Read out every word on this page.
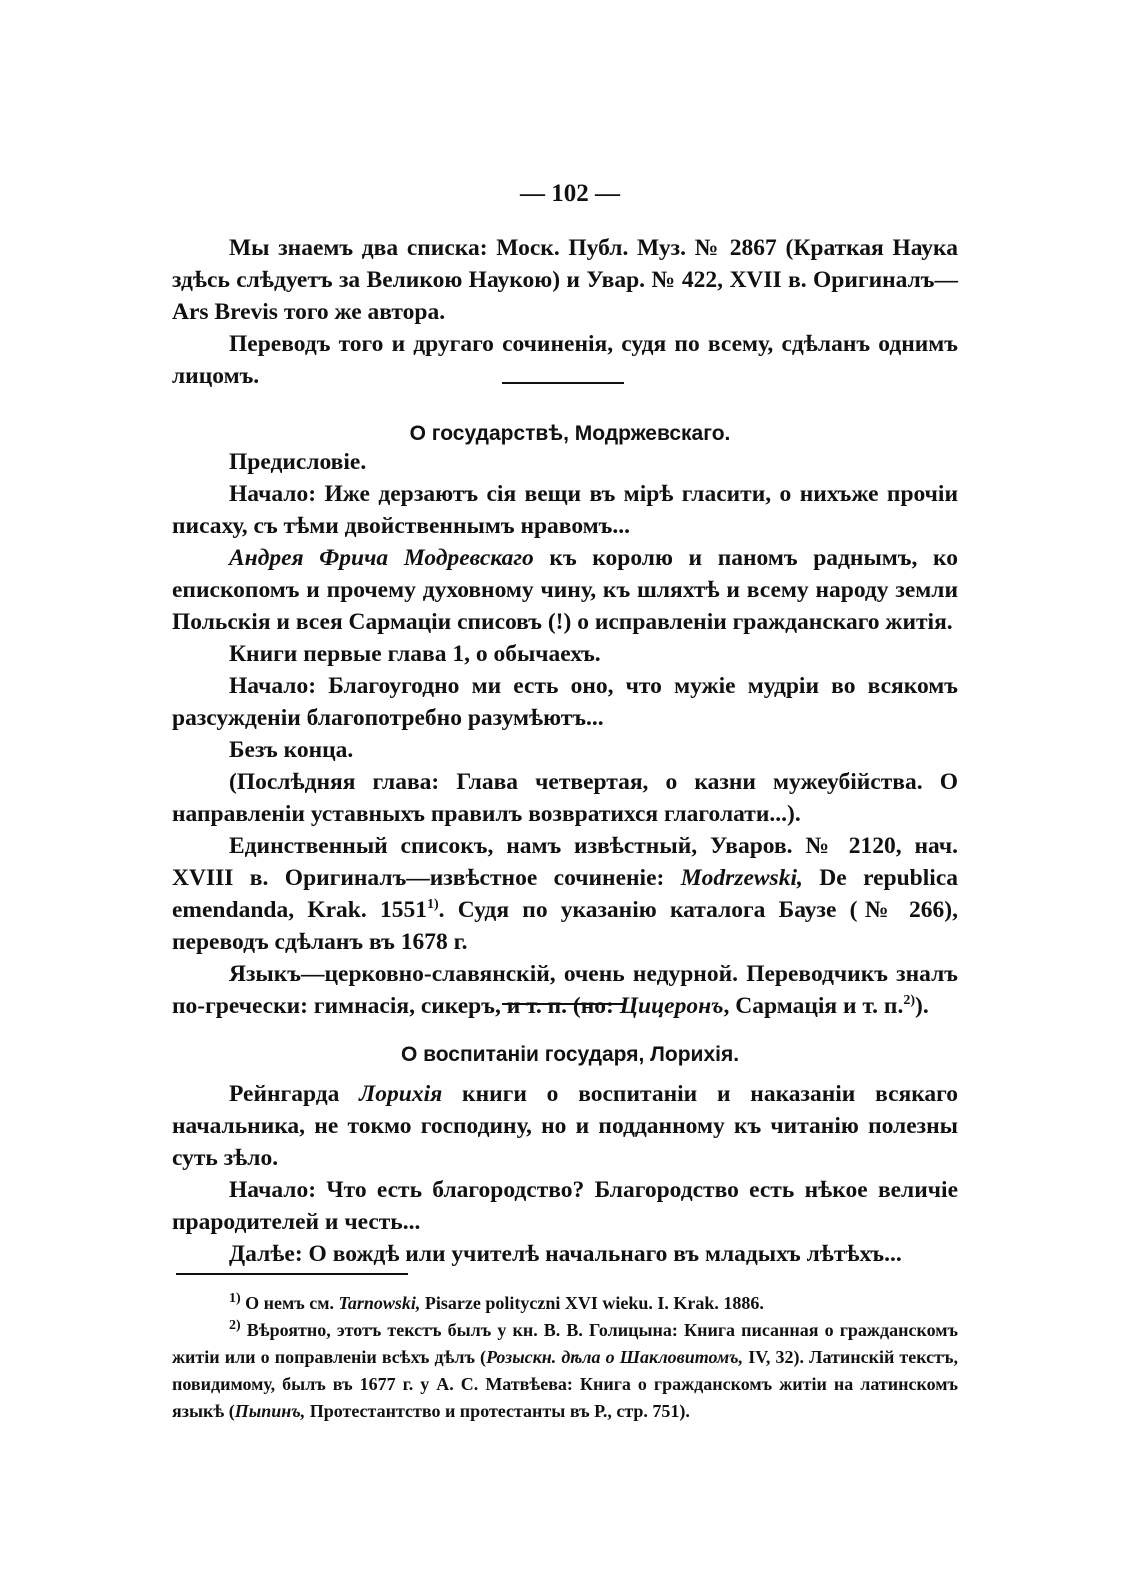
— 102 —

Мы знаемъ два списка: Моск. Публ. Муз. № 2867 (Краткая Наука здѣсь слѣдуетъ за Великою Наукою) и Увар. № 422, XVII в. Оригиналъ— Ars Brevis того же автора.

Переводъ того и другаго сочиненія, судя по всему, сдѣланъ однимъ лицомъ.

О государствѣ, Модржевскаго.

Предисловіе.

Начало: Иже дерзаютъ сія вещи въ мірѣ гласити, о нихъже прочіи писаху, съ тѣми двойственнымъ нравомъ...

Андрея Фрича Модревскаго къ королю и паномъ раднымъ, ко епископомъ и прочему духовному чину, къ шляхтѣ и всему народу земли Польскія и всея Сармаціи списовъ (!) о исправленіи гражданскаго житія.

Книги первые глава 1, о обычаехъ.

Начало: Благоугодно ми есть оно, что мужіе мудріи во всякомъ разсужденіи благопотребно разумѣютъ...

Безъ конца.

(Послѣдняя глава: Глава четвертая, о казни мужеубійства. О направленіи уставныхъ правилъ возвратихся глаголати...).

Единственный списокъ, намъ извѣстный, Уваров. № 2120, нач. XVIII в. Оригиналъ—извѣстное сочиненіе: Modrzewski, De republica emendanda, Krak. 1551$^{1)}$. Судя по указанію каталога Баузе (№ 266), переводъ сдѣланъ въ 1678 г.

Языкъ—церковно-славянскій, очень недурной. Переводчикъ зналъ по-гречески: гимнасія, сикеръ, и т. п. (но: Цицеронъ, Сармація и т. п.$^{2)}$).

О воспитаніи государя, Лорихія.

Рейнгарда Лорихія книги о воспитаніи и наказаніи всякаго начальника, не токмо господину, но и подданному къ читанію полезны суть зѣло.

Начало: Что есть благородство? Благородство есть нѣкое величіе прародителей и честь...

Далѣе: О вождѣ или учителѣ начальнаго въ младыхъ лѣтѣхъ...

$^{1)}$ О немъ см. Tarnowski, Pisarze polityczni XVI wieku. I. Krak. 1886.

$^{2)}$ Вѣроятно, этотъ текстъ былъ у кн. В. В. Голицына: Книга писанная о гражданскомъ житіи или о поправленіи всѣхъ дѣлъ (Розыскн. дѣла о Шакловитомъ, IV, 32). Латинскій текстъ, повидимому, былъ въ 1677 г. у А. С. Матвѣева: Книга о гражданскомъ житіи на латинскомъ языкѣ (Пыпинъ, Протестантство и протестанты въ Р., стр. 751).
